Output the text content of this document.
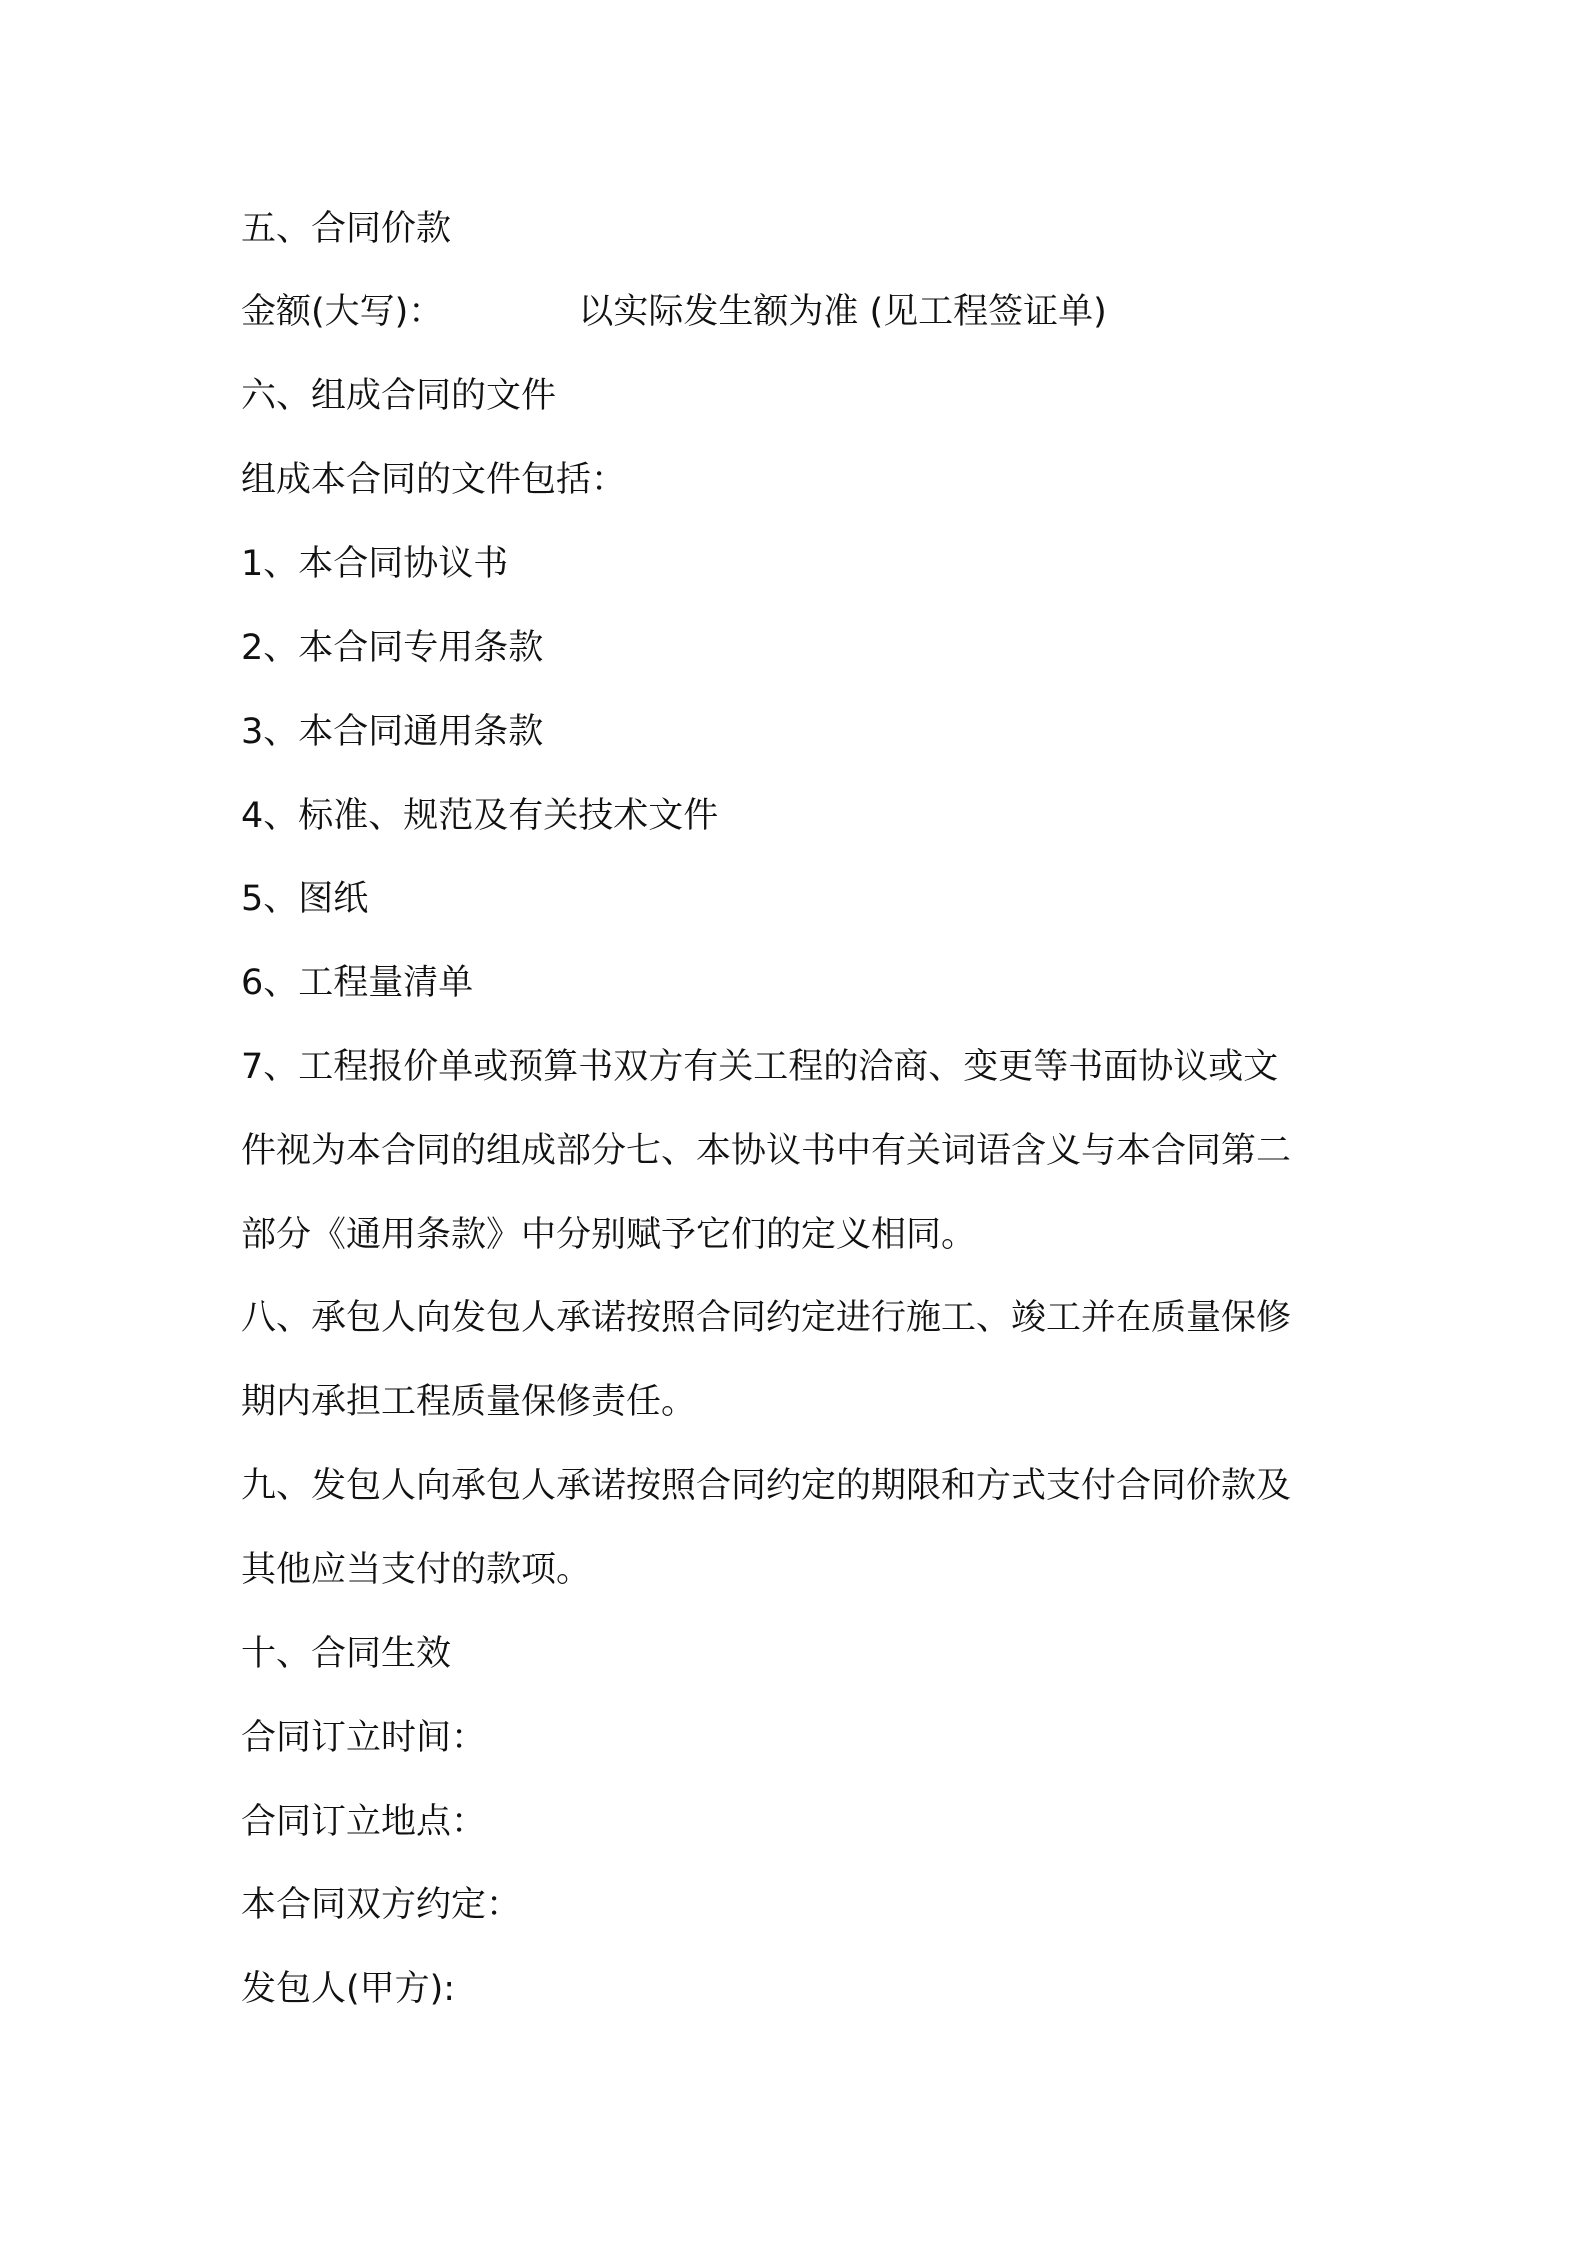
五、合同价款

金额(大写)：	以实际发生额为准 (见工程签证单)

六、组成合同的文件

组成本合同的文件包括：

1、本合同协议书

2、本合同专用条款

3、本合同通用条款

4、标准、规范及有关技术文件

5、图纸

6、工程量清单

7、工程报价单或预算书双方有关工程的洽商、变更等书面协议或文

件视为本合同的组成部分七、本协议书中有关词语含义与本合同第二

部分《通用条款》中分别赋予它们的定义相同。

八、承包人向发包人承诺按照合同约定进行施工、竣工并在质量保修

期内承担工程质量保修责任。

九、发包人向承包人承诺按照合同约定的期限和方式支付合同价款及

其他应当支付的款项。

十、合同生效

合同订立时间：

合同订立地点：

本合同双方约定：

发包人(甲方):
